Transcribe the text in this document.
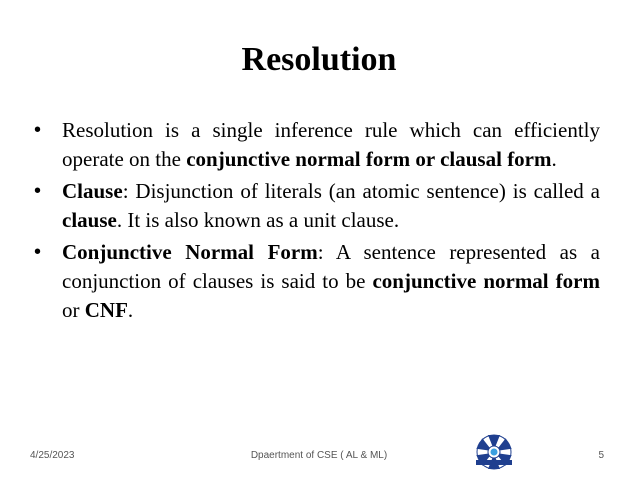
Resolution
• Resolution is a single inference rule which can efficiently operate on the conjunctive normal form or clausal form.
• Clause: Disjunction of literals (an atomic sentence) is called a clause. It is also known as a unit clause.
• Conjunctive Normal Form: A sentence represented as a conjunction of clauses is said to be conjunctive normal form or CNF.
4/25/2023	Dpaertment of CSE ( AL & ML)	5
